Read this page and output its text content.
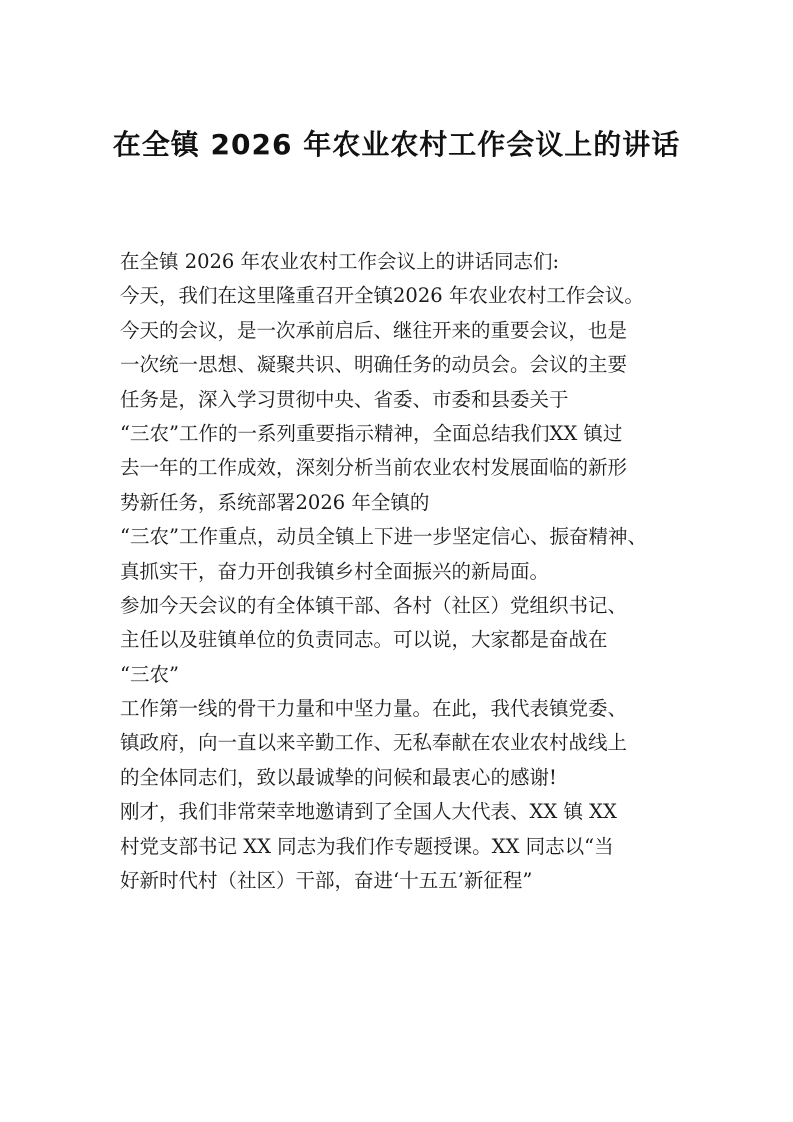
在全镇 2026 年农业农村工作会议上的讲话
在全镇 2026 年农业农村工作会议上的讲话同志们:
今天，我们在这里隆重召开全镇2026 年农业农村工作会议。
今天的会议，是一次承前启后、继往开来的重要会议，也是
一次统一思想、凝聚共识、明确任务的动员会。会议的主要
任务是，深入学习贯彻中央、省委、市委和县委关于
“三农”工作的一系列重要指示精神，全面总结我们XX 镇过
去一年的工作成效，深刻分析当前农业农村发展面临的新形
势新任务，系统部署2026 年全镇的
“三农”工作重点，动员全镇上下进一步坚定信心、振奋精神、
真抓实干，奋力开创我镇乡村全面振兴的新局面。
参加今天会议的有全体镇干部、各村（社区）党组织书记、
主任以及驻镇单位的负责同志。可以说，大家都是奋战在
“三农”
工作第一线的骨干力量和中坚力量。在此，我代表镇党委、
镇政府，向一直以来辛勤工作、无私奉献在农业农村战线上
的全体同志们，致以最诚挚的问候和最衷心的感谢!
刚才，我们非常荣幸地邀请到了全国人大代表、XX 镇 XX
村党支部书记 XX 同志为我们作专题授课。XX 同志以“当
好新时代村（社区）干部，奋进‘十五五’新征程”
